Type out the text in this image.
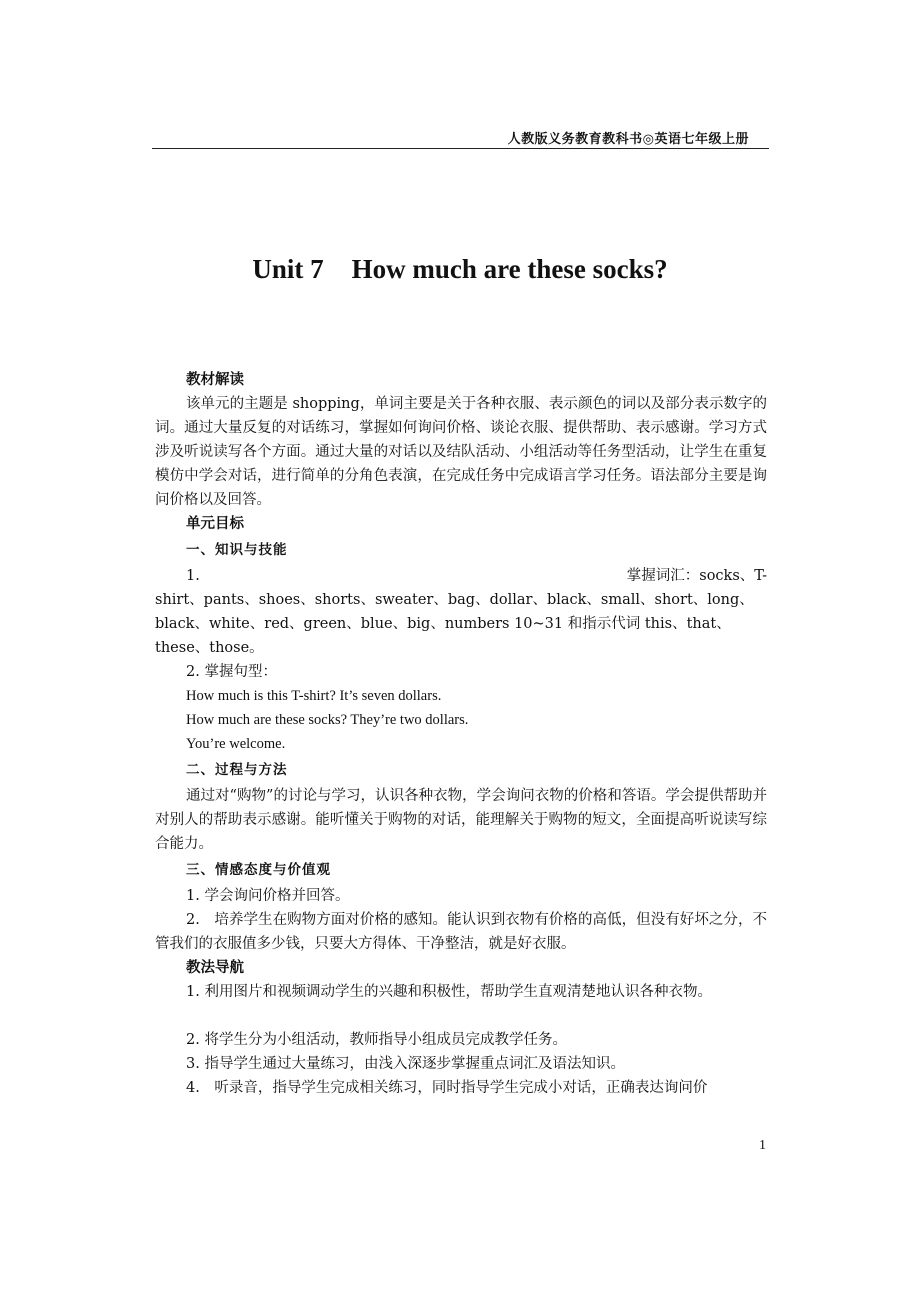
人教版义务教育教科书◎英语七年级上册
Unit 7 How much are these socks?

教材解读

该单元的主题是 shopping，单词主要是关于各种衣服、表示颜色的词以及部分表示数字的词。通过大量反复的对话练习，掌握如何询问价格、谈论衣服、提供帮助、表示感谢。学习方式涉及听说读写各个方面。通过大量的对话以及结队活动、小组活动等任务型活动，让学生在重复模仿中学会对话，进行简单的分角色表演，在完成任务中完成语言学习任务。语法部分主要是询问价格以及回答。

单元目标

一、知识与技能

1.	掌握词汇：socks、T-

shirt、pants、shoes、shorts、sweater、bag、dollar、black、small、short、long、black、white、red、green、blue、big、numbers 10~31 和指示代词 this、that、these、those。

2. 掌握句型：

How much is this T-shirt? It’s seven dollars.

How much are these socks? They’re two dollars.

You’re welcome.

二、过程与方法

通过对“购物”的讨论与学习，认识各种衣物，学会询问衣物的价格和答语。学会提供帮助并对别人的帮助表示感谢。能听懂关于购物的对话，能理解关于购物的短文，全面提高听说读写综合能力。

三、情感态度与价值观

1. 学会询问价格并回答。

2.　培养学生在购物方面对价格的感知。能认识到衣物有价格的高低，但没有好坏之分，不管我们的衣服值多少钱，只要大方得体、干净整洁，就是好衣服。

教法导航

1. 利用图片和视频调动学生的兴趣和积极性，帮助学生直观清楚地认识各种衣物。

2. 将学生分为小组活动，教师指导小组成员完成教学任务。

3. 指导学生通过大量练习，由浅入深逐步掌握重点词汇及语法知识。

4.　听录音，指导学生完成相关练习，同时指导学生完成小对话，正确表达询问价

1
